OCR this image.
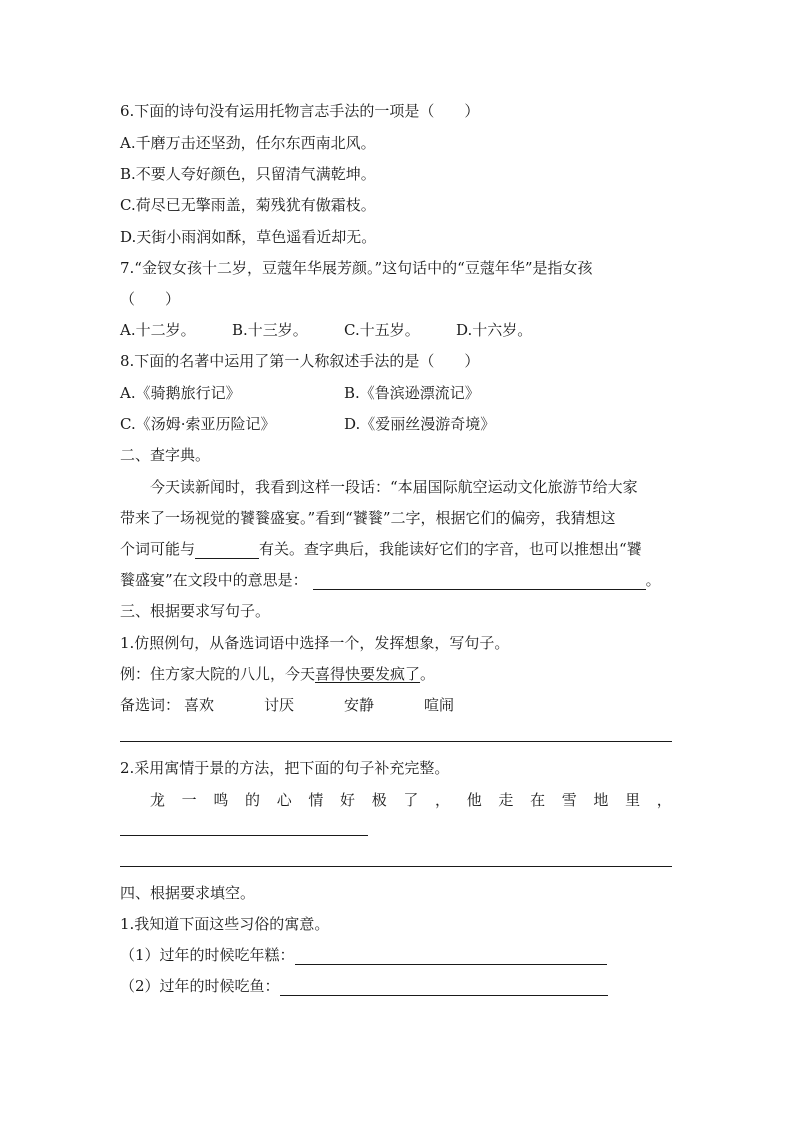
6.下面的诗句没有运用托物言志手法的一项是（　　）
A.千磨万击还坚劲，任尔东西南北风。
B.不要人夸好颜色，只留清气满乾坤。
C.荷尽已无擎雨盖，菊残犹有傲霜枝。
D.天街小雨润如酥，草色遥看近却无。
7.“金钗女孩十二岁，豆蔻年华展芳颜。”这句话中的“豆蔻年华”是指女孩
（　　）
A.十二岁。 B.十三岁。 C.十五岁。 D.十六岁。
8.下面的名著中运用了第一人称叙述手法的是（　　）
A.《骑鹅旅行记》	B.《鲁滨逊漂流记》
C.《汤姆·索亚历险记》	D.《爱丽丝漫游奇境》
二、查字典。
今天读新闻时，我看到这样一段话：“本届国际航空运动文化旅游节给大家
带来了一场视觉的饕餮盛宴。”看到“饕餮”二字，根据它们的偏旁，我猜想这
个词可能与	有关。查字典后，我能读好它们的字音，也可以推想出“饕
餮盛宴”在文段中的意思是：	。
三、根据要求写句子。
1.仿照例句，从备选词语中选择一个，发挥想象，写句子。
例：住方家大院的八儿，今天喜得快要发疯了。
备选词： 喜欢	讨厌	安静	喧闹
2.采用寓情于景的方法，把下面的句子补充完整。
龙 一 鸣 的 心 情 好 极 了 ， 他 走 在 雪 地 里 ，
四、根据要求填空。
1.我知道下面这些习俗的寓意。
（1）过年的时候吃年糕：
（2）过年的时候吃鱼：
